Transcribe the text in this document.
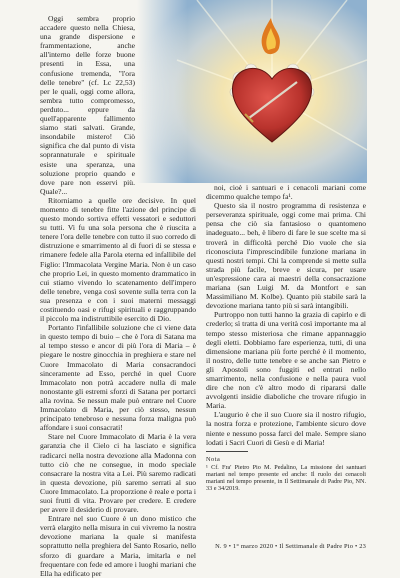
Oggi sembra proprio accadere questo nella Chiesa, una grande dispersione e frammentazione, anche all'interno delle forze buone presenti in Essa, una confusione tremenda, "l'ora delle tenebre" (cf. Lc 22,53) per le quali, oggi come allora, sembra tutto compromesso, perduto... eppure da quell'apparente fallimento siamo stati salvati. Grande, insondabile mistero! Ciò significa che dal punto di vista soprannaturale e spirituale esiste una speranza, una soluzione proprio quando e dove pare non esservi più. Quale?...

Ritorniamo a quelle ore decisive. In quel momento di tenebre fitte l'azione del principe di questo mondo sortiva effetti vessatori e seduttori su tutti. Vi fu una sola persona che è riuscita a tenere l'ora delle tenebre con tutto il suo corredo di distruzione e smarrimento al di fuori di se stessa e rimanere fedele alla Parola eterna ed infallibile del Figlio: l'Immacolata Vergine Maria. Non è un caso che proprio Lei, in questo momento drammatico in cui stiamo vivendo lo scatenamento dell'impero delle tenebre, venga così sovente sulla terra con la sua presenza e con i suoi materni messaggi costituendo oasi e rifugi spirituali e raggruppando il piccolo ma indistruttibile esercito di Dio.

Portanto l'infallibile soluzione che ci viene data in questo tempo di buio – che è l'ora di Satana ma al tempo stesso e ancor di più l'ora di Maria – è piegare le nostre ginocchia in preghiera e stare nel Cuore Immacolato di Maria consacrandoci sinceramente ad Esso, perché in quel Cuore Immacolato non potrà accadere nulla di male nonostante gli estremi sforzi di Satana per portarci alla rovina. Se nessun male può entrare nel Cuore Immacolato di Maria, per ciò stesso, nessun principato tenebroso e nessuna forza maligna può affondare i suoi consacrati!

Stare nel Cuore Immacolato di Maria è la vera garanzia che il Cielo ci ha lasciato e significa radicarci nella nostra devozione alla Madonna con tutto ciò che ne consegue, in modo speciale consacrare la nostra vita a Lei. Più saremo radicati in questa devozione, più saremo serrati al suo Cuore Immacolato. La proporzione è reale e porta i suoi frutti di vita. Provare per credere. E credere per avere il desiderio di provare.

Entrare nel suo Cuore è un dono mistico che verrà elargito nella misura in cui vivremo la nostra devozione mariana la quale si manifesta soprattutto nella preghiera del Santo Rosario, nello sforzo di guardare a Maria, imitarla e nel frequentare con fede ed amore i luoghi mariani che Ella ha edificato per

noi, cioè i santuari e i cenacoli mariani come dicemmo qualche tempo fa¹.

Questo sia il nostro programma di resistenza e perseveranza spirituale, oggi come mai prima. Chi pensa che ciò sia fantasioso o quantomeno inadeguato... beh, è libero di fare le sue scelte ma si troverà in difficoltà perché Dio vuole che sia riconosciuta l'imprescindibile funzione mariana in questi nostri tempi. Chi la comprende si mette sulla strada più facile, breve e sicura, per usare un'espressione cara ai maestri della consacrazione mariana (san Luigi M. da Montfort e san Massimiliano M. Kolbe). Quanto più stabile sarà la devozione mariana tanto più si sarà intangibili.

Purtroppo non tutti hanno la grazia di capirlo e di crederlo; sì tratta di una verità così importante ma al tempo stesso misteriosa che rimane appannaggio degli eletti. Dobbiamo fare esperienza, tutti, di una dimensione mariana più forte perché è il momento, il nostro, delle tutte tenebre e se anche san Pietro e gli Apostoli sono fuggiti ed entrati nello smarrimento, nella confusione e nella paura vuol dire che non c'è altro modo di ripararsi dalle avvolgenti insidie diaboliche che trovare rifugio in Maria.

L'augurio è che il suo Cuore sia il nostro rifugio, la nostra forza e protezione, l'ambiente sicuro dove niente e nessuno possa farci del male. Sempre siano lodati i Sacri Cuori di Gesù e di Maria!

Nota

¹ Cf. Fra' Pietro Pio M. Pedalino, La missione dei santuari mariani nel tempo presente ed anche: Il ruolo dei cenacoli mariani nel tempo presente, in Il Settimanale di Padre Pio, NN. 33 e 34/2019.

N. 9 • 1° marzo 2020 • Il Settimanale di Padre Pio • 23
